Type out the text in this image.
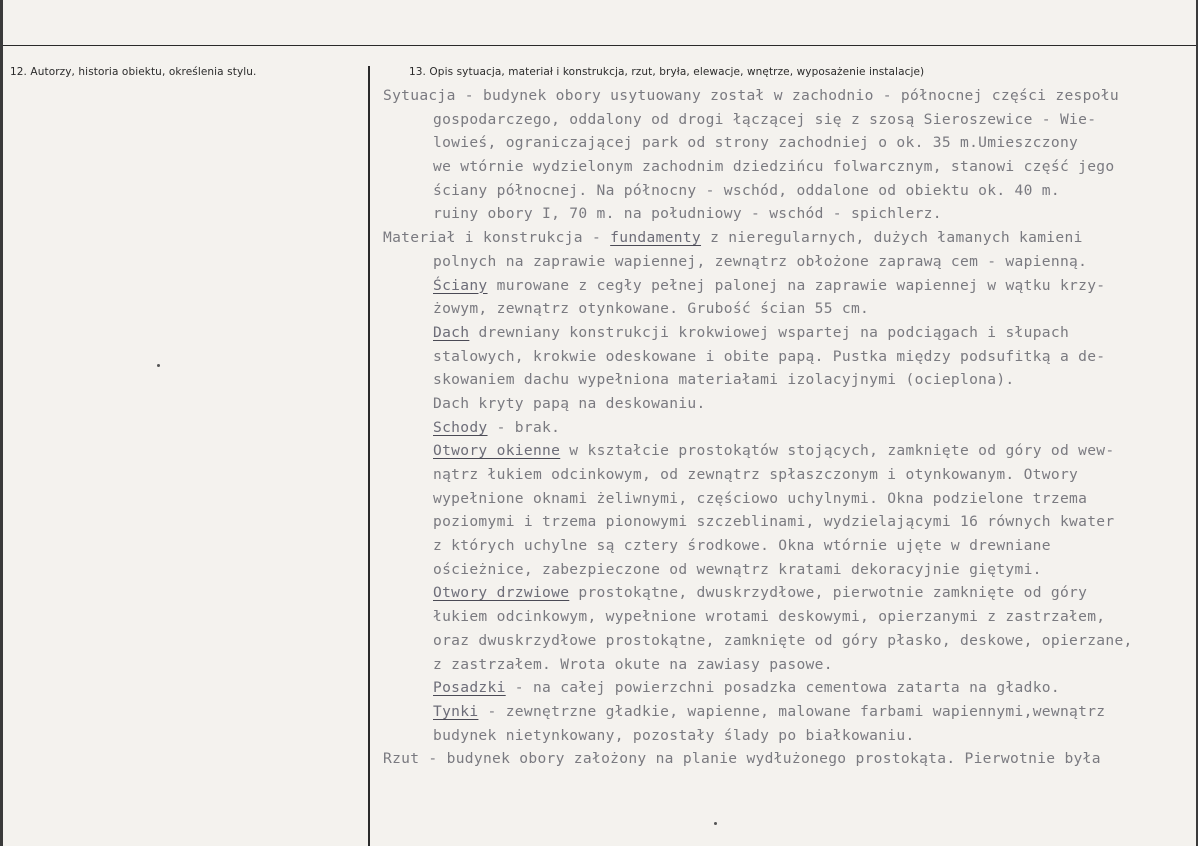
12. Autorzy, historia obiektu, określenia stylu.	13. Opis sytuacja, materiał i konstrukcja, rzut, bryła, elewacje, wnętrze, wyposażenie instalacje)
Sytuacja - budynek obory usytuowany został w zachodnio - północnej części zespołu
gospodarczego, oddalony od drogi łączącej się z szosą Sieroszewice - Wie-
lowieś, ograniczającej park od strony zachodniej o ok. 35 m.Umieszczony
we wtórnie wydzielonym zachodnim dziedzińcu folwarcznym, stanowi część jego
ściany północnej. Na północny - wschód, oddalone od obiektu ok. 40 m.
ruiny obory I, 70 m. na południowy - wschód - spichlerz.
Materiał i konstrukcja - fundamenty z nieregularnych, dużych łamanych kamieni
polnych na zaprawie wapiennej, zewnątrz obłożone zaprawą cem - wapienną.
Ściany murowane z cegły pełnej palonej na zaprawie wapiennej w wątku krzy-
żowym, zewnątrz otynkowane. Grubość ścian 55 cm.
Dach drewniany konstrukcji krokwiowej wspartej na podciągach i słupach
stalowych, krokwie odeskowane i obite papą. Pustka między podsufitką a de-
skowaniem dachu wypełniona materiałami izolacyjnymi (ocieplona).
Dach kryty papą na deskowaniu.
Schody - brak.
Otwory okienne w kształcie prostokątów stojących, zamknięte od góry od wew-
nątrz łukiem odcinkowym, od zewnątrz spłaszczonym i otynkowanym. Otwory
wypełnione oknami żeliwnymi, częściowo uchylnymi. Okna podzielone trzema
poziomymi i trzema pionowymi szczeblinami, wydzielającymi 16 równych kwater
z których uchylne są cztery środkowe. Okna wtórnie ujęte w drewniane
ościeżnice, zabezpieczone od wewnątrz kratami dekoracyjnie giętymi.
Otwory drzwiowe prostokątne, dwuskrzydłowe, pierwotnie zamknięte od góry
łukiem odcinkowym, wypełnione wrotami deskowymi, opierzanymi z zastrzałem,
oraz dwuskrzydłowe prostokątne, zamknięte od góry płasko, deskowe, opierzane,
z zastrzałem. Wrota okute na zawiasy pasowe.
Posadzki - na całej powierzchni posadzka cementowa zatarta na gładko.
Tynki - zewnętrzne gładkie, wapienne, malowane farbami wapiennymi,wewnątrz
budynek nietynkowany, pozostały ślady po białkowaniu.
Rzut - budynek obory założony na planie wydłużonego prostokąta. Pierwotnie była
